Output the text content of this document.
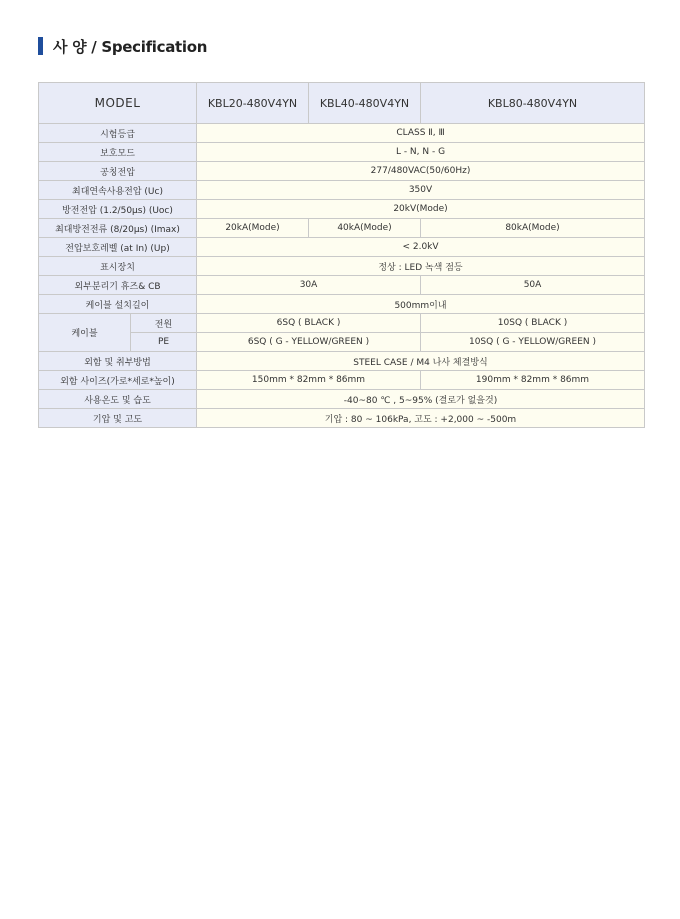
사 양 / Specification
MODEL		KBL20-480V4YN	KBL40-480V4YN	KBL80-480V4YN
시험등급		CLASS Ⅱ, Ⅲ		
보호모드		L - N, N - G		
공칭전압		277/480VAC(50/60Hz)		
최대연속사용전압 (Uc)		350V		
방전전압 (1.2/50μs) (Uoc)		20kV(Mode)		
최대방전전류 (8/20μs) (Imax)		20kA(Mode)	40kA(Mode)	80kA(Mode)
전압보호레벨 (at In) (Up)		< 2.0kV		
표시장치		정상 : LED 녹색 점등		
외부분리기 휴즈& CB		30A		50A
케이블 설치길이		500mm이내		
케이블	전원	6SQ ( BLACK )		10SQ ( BLACK )
	PE	6SQ ( G - YELLOW/GREEN )		10SQ ( G - YELLOW/GREEN )
외함 및 취부방법		STEEL CASE / M4 나사 체결방식		
외함 사이즈(가로*세로*높이)		150mm * 82mm * 86mm		190mm * 82mm * 86mm
사용온도 및 습도		-40~80 ℃ , 5~95% (결로가 없을것)		
기압 및 고도		기압 : 80 ~ 106kPa, 고도 : +2,000 ~ -500m		
